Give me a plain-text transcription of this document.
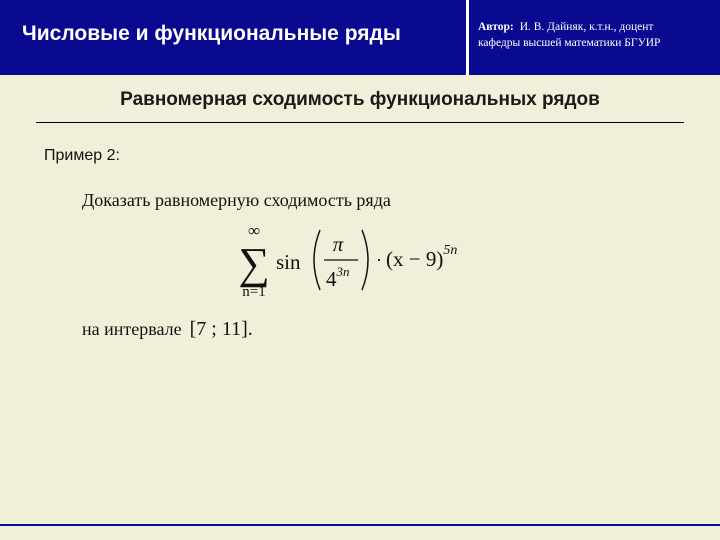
Числовые и функциональные ряды	Автор: И. В. Дайняк, к.т.н., доцент
кафедры высшей математики БГУИР
Равномерная сходимость функциональных рядов
Пример 2:
Доказать равномерную сходимость ряда
∞
∑
n=1
sin
π
$4^{3n}$
· $(x - 9)^{5n}$
на интервале [7 ; 11].
